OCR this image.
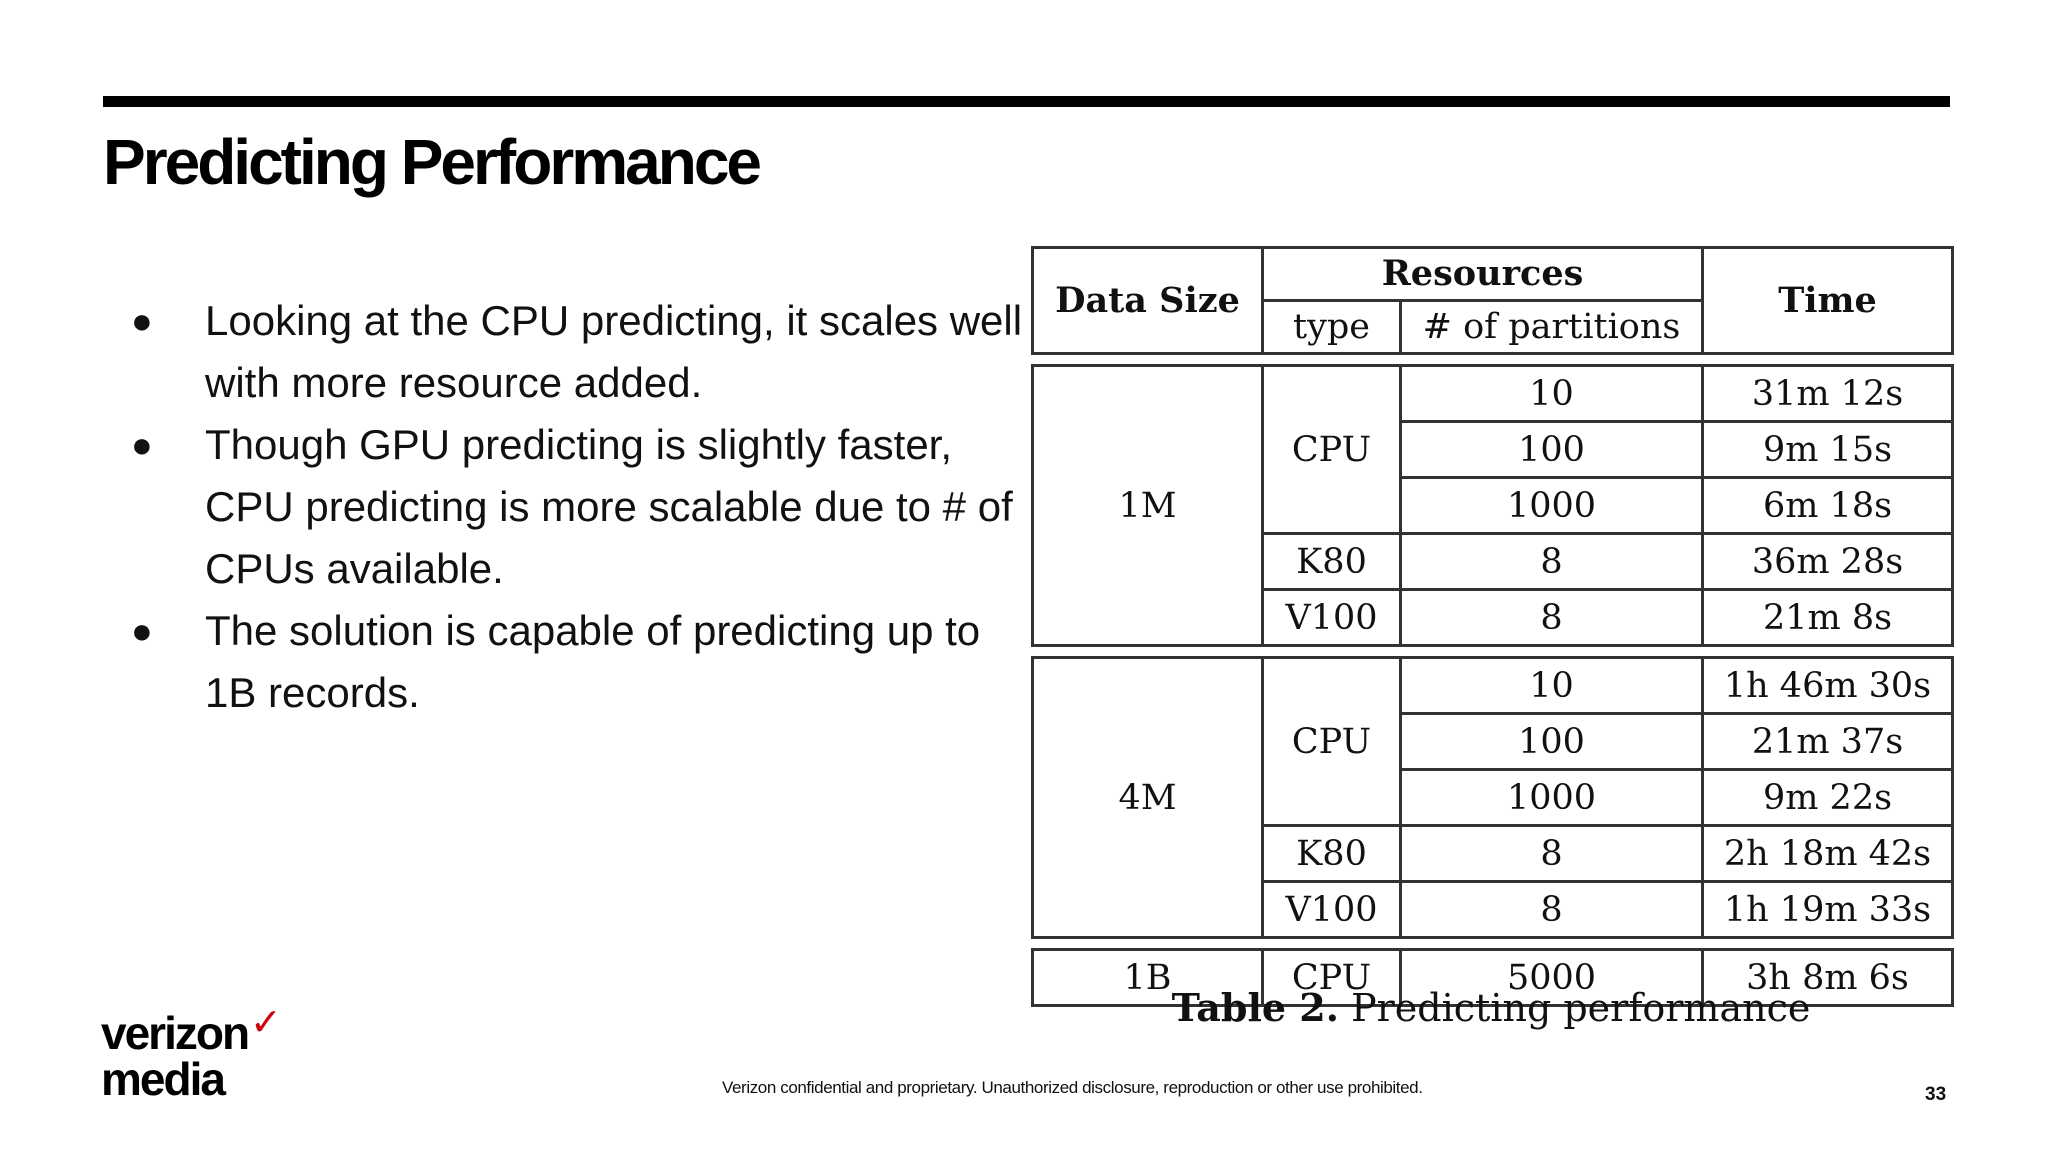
Predicting Performance
● Looking at the CPU predicting, it scales well with more resource added.
● Though GPU predicting is slightly faster, CPU predicting is more scalable due to # of CPUs available.
● The solution is capable of predicting up to 1B records.
Data Size	Resources		Time
	type	# of partitions	

1M	CPU	10	31m 12s
		100	9m 15s
		1000	6m 18s
	K80	8	36m 28s
	V100	8	21m 8s

4M	CPU	10	1h 46m 30s
		100	21m 37s
		1000	9m 22s
	K80	8	2h 18m 42s
	V100	8	1h 19m 33s

1B	CPU	5000	3h 8m 6s
Table 2. Predicting performance
verizon✓
media	Verizon confidential and proprietary. Unauthorized disclosure, reproduction or other use prohibited.	33
